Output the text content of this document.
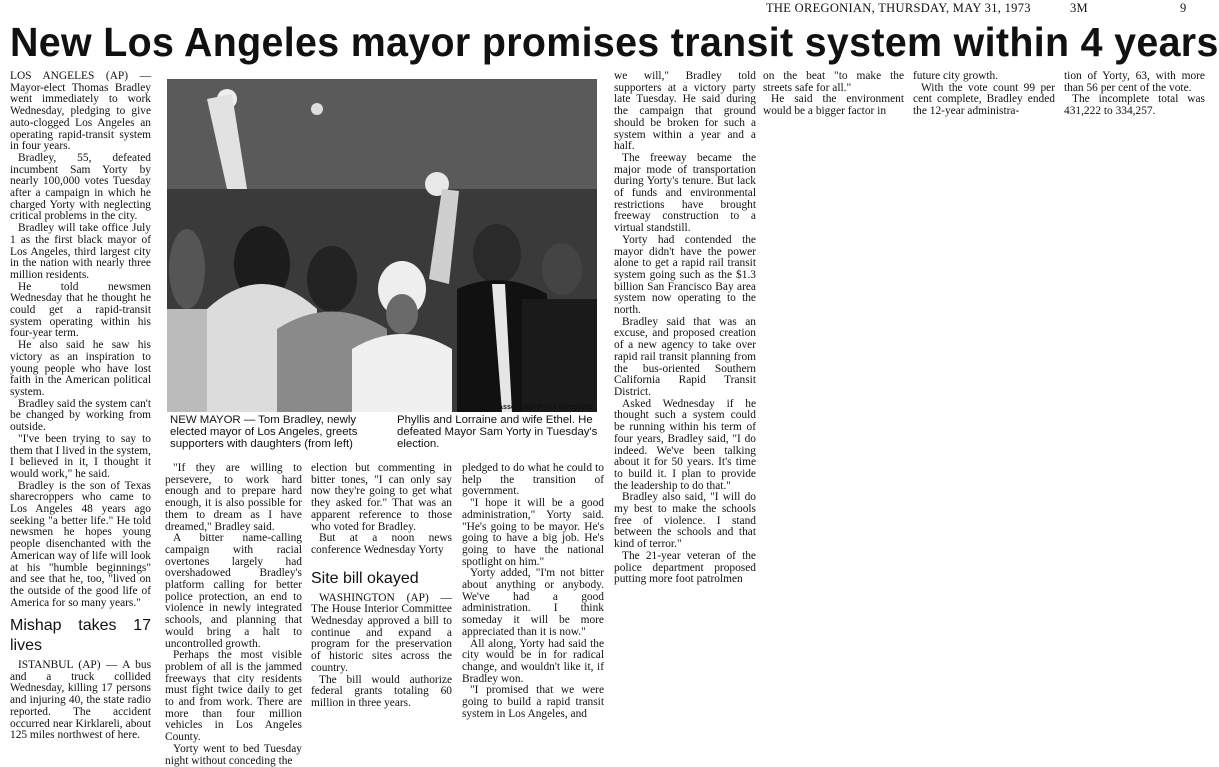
THE OREGONIAN, THURSDAY, MAY 31, 1973	3M	9
New Los Angeles mayor promises transit system within 4 years

LOS ANGELES (AP) — Mayor-elect Thomas Bradley went immediately to work Wednesday, pledging to give auto-clogged Los Angeles an operating rapid-transit system in four years.

Bradley, 55, defeated incumbent Sam Yorty by nearly 100,000 votes Tuesday after a campaign in which he charged Yorty with neglecting critical problems in the city.

Bradley will take office July 1 as the first black mayor of Los Angeles, third largest city in the nation with nearly three million residents.

He told newsmen Wednesday that he thought he could get a rapid-transit system operating within his four-year term.

He also said he saw his victory as an inspiration to young people who have lost faith in the American political system.

Bradley said the system can't be changed by working from outside.

"I've been trying to say to them that I lived in the system, I believed in it, I thought it would work," he said.

Bradley is the son of Texas sharecroppers who came to Los Angeles 48 years ago seeking "a better life." He told newsmen he hopes young people disenchanted with the American way of life will look at his "humble beginnings" and see that he, too, "lived on the outside of the good life of America for so many years."

Mishap takes 17 lives

ISTANBUL (AP) — A bus and a truck collided Wednesday, killing 17 persons and injuring 40, the state radio reported. The accident occurred near Kirklareli, about 125 miles northwest of here.

Associated Press Wirephoto
NEW MAYOR — Tom Bradley, newly elected mayor of Los Angeles, greets supporters with daughters (from left)
Phyllis and Lorraine and wife Ethel. He defeated Mayor Sam Yorty in Tuesday's election.

"If they are willing to persevere, to work hard enough and to prepare hard enough, it is also possible for them to dream as I have dreamed," Bradley said.

A bitter name-calling campaign with racial overtones largely had overshadowed Bradley's platform calling for better police protection, an end to violence in newly integrated schools, and planning that would bring a halt to uncontrolled growth.

Perhaps the most visible problem of all is the jammed freeways that city residents must fight twice daily to get to and from work. There are more than four million vehicles in Los Angeles County.

Yorty went to bed Tuesday night without conceding the

election but commenting in bitter tones, "I can only say now they're going to get what they asked for." That was an apparent reference to those who voted for Bradley.

But at a noon news conference Wednesday Yorty

Site bill okayed

WASHINGTON (AP) — The House Interior Committee Wednesday approved a bill to continue and expand a program for the preservation of historic sites across the country.

The bill would authorize federal grants totaling 60 million in three years.

pledged to do what he could to help the transition of government.

"I hope it will be a good administration," Yorty said. "He's going to be mayor. He's going to have a big job. He's going to have the national spotlight on him."

Yorty added, "I'm not bitter about anything or anybody. We've had a good administration. I think someday it will be more appreciated than it is now."

All along, Yorty had said the city would be in for radical change, and wouldn't like it, if Bradley won.

"I promised that we were going to build a rapid transit system in Los Angeles, and

we will," Bradley told supporters at a victory party late Tuesday. He said during the campaign that ground should be broken for such a system within a year and a half.

The freeway became the major mode of transportation during Yorty's tenure. But lack of funds and environmental restrictions have brought freeway construction to a virtual standstill.

Yorty had contended the mayor didn't have the power alone to get a rapid rail transit system going such as the $1.3 billion San Francisco Bay area system now operating to the north.

Bradley said that was an excuse, and proposed creation of a new agency to take over rapid rail transit planning from the bus-oriented Southern California Rapid Transit District.

Asked Wednesday if he thought such a system could be running within his term of four years, Bradley said, "I do indeed. We've been talking about it for 50 years. It's time to build it. I plan to provide the leadership to do that."

Bradley also said, "I will do my best to make the schools free of violence. I stand between the schools and that kind of terror."

The 21-year veteran of the police department proposed putting more foot patrolmen

on the beat "to make the streets safe for all."

He said the environment would be a bigger factor in

future city growth.

With the vote count 99 per cent complete, Bradley ended the 12-year administra-

tion of Yorty, 63, with more than 56 per cent of the vote.

The incomplete total was 431,222 to 334,257.
